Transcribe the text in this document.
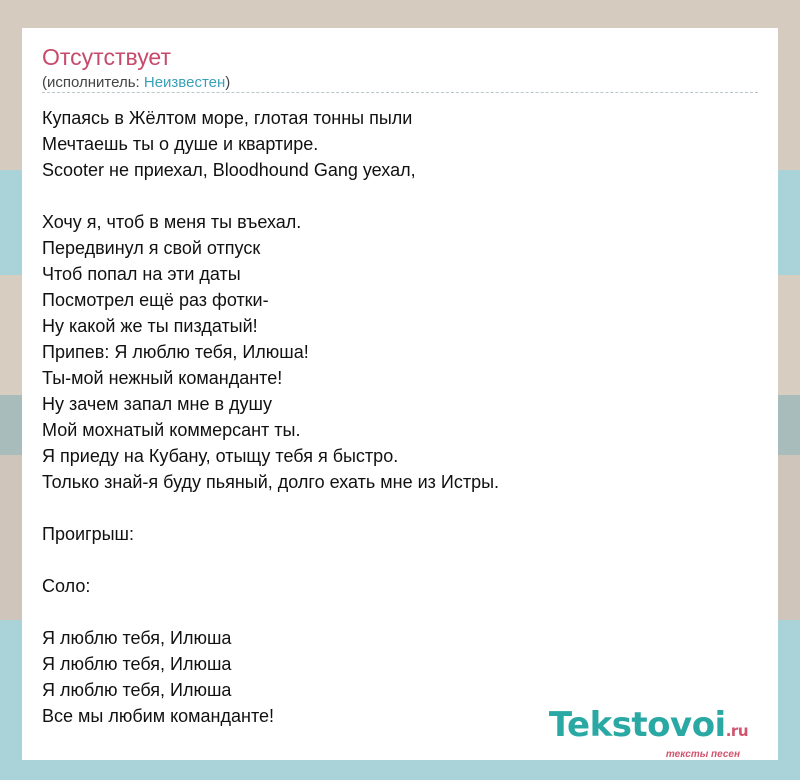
Отсутствует
(исполнитель: Неизвестен)
Купаясь в Жёлтом море, глотая тонны пыли
Мечтаешь ты о душе и квартире.
Scooter не приехал, Bloodhound Gang уехал,
Хочу я, чтоб в меня ты въехал.
Передвинул я свой отпуск
Чтоб попал на эти даты
Посмотрел ещё раз фотки-
Ну какой же ты пиздатый!
Припев: Я люблю тебя, Илюша!
Ты-мой нежный команданте!
Ну зачем запал мне в душу
Мой мохнатый коммерсант ты.
Я приеду на Кубану, отыщу тебя я быстро.
Только знай-я буду пьяный, долго ехать мне из Истры.
Проигрыш:
Соло:
Я люблю тебя, Илюша
Я люблю тебя, Илюша
Я люблю тебя, Илюша
Все мы любим команданте!	Tekstovoi.ru
тексты песен
